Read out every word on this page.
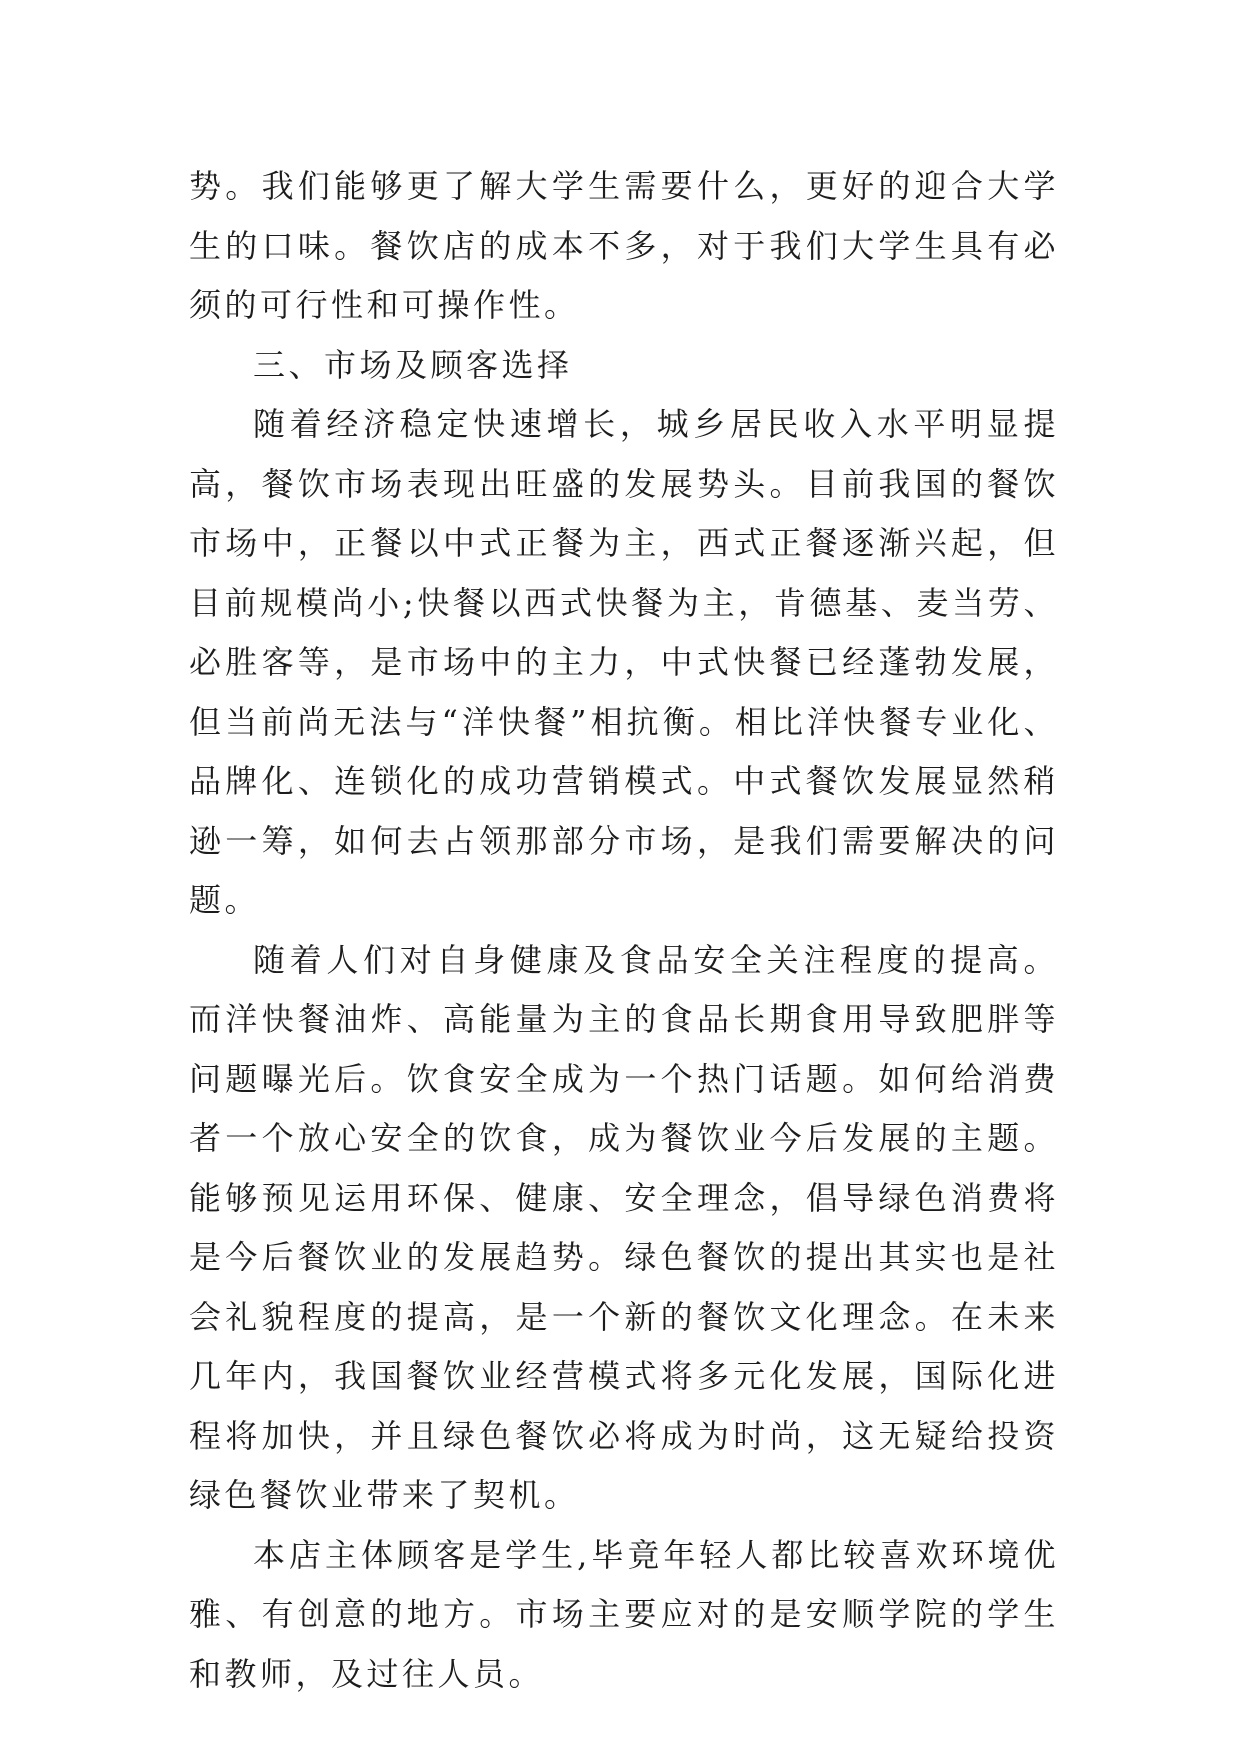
势。我们能够更了解大学生需要什么，更好的迎合大学生的口味。餐饮店的成本不多，对于我们大学生具有必须的可行性和可操作性。

三、市场及顾客选择

随着经济稳定快速增长，城乡居民收入水平明显提高，餐饮市场表现出旺盛的发展势头。目前我国的餐饮市场中，正餐以中式正餐为主，西式正餐逐渐兴起，但目前规模尚小;快餐以西式快餐为主，肯德基、麦当劳、必胜客等，是市场中的主力，中式快餐已经蓬勃发展，但当前尚无法与“洋快餐”相抗衡。相比洋快餐专业化、品牌化、连锁化的成功营销模式。中式餐饮发展显然稍逊一筹，如何去占领那部分市场，是我们需要解决的问题。

随着人们对自身健康及食品安全关注程度的提高。而洋快餐油炸、高能量为主的食品长期食用导致肥胖等问题曝光后。饮食安全成为一个热门话题。如何给消费者一个放心安全的饮食，成为餐饮业今后发展的主题。能够预见运用环保、健康、安全理念，倡导绿色消费将是今后餐饮业的发展趋势。绿色餐饮的提出其实也是社会礼貌程度的提高，是一个新的餐饮文化理念。在未来几年内，我国餐饮业经营模式将多元化发展，国际化进程将加快，并且绿色餐饮必将成为时尚，这无疑给投资绿色餐饮业带来了契机。

本店主体顾客是学生,毕竟年轻人都比较喜欢环境优雅、有创意的地方。市场主要应对的是安顺学院的学生和教师，及过往人员。
